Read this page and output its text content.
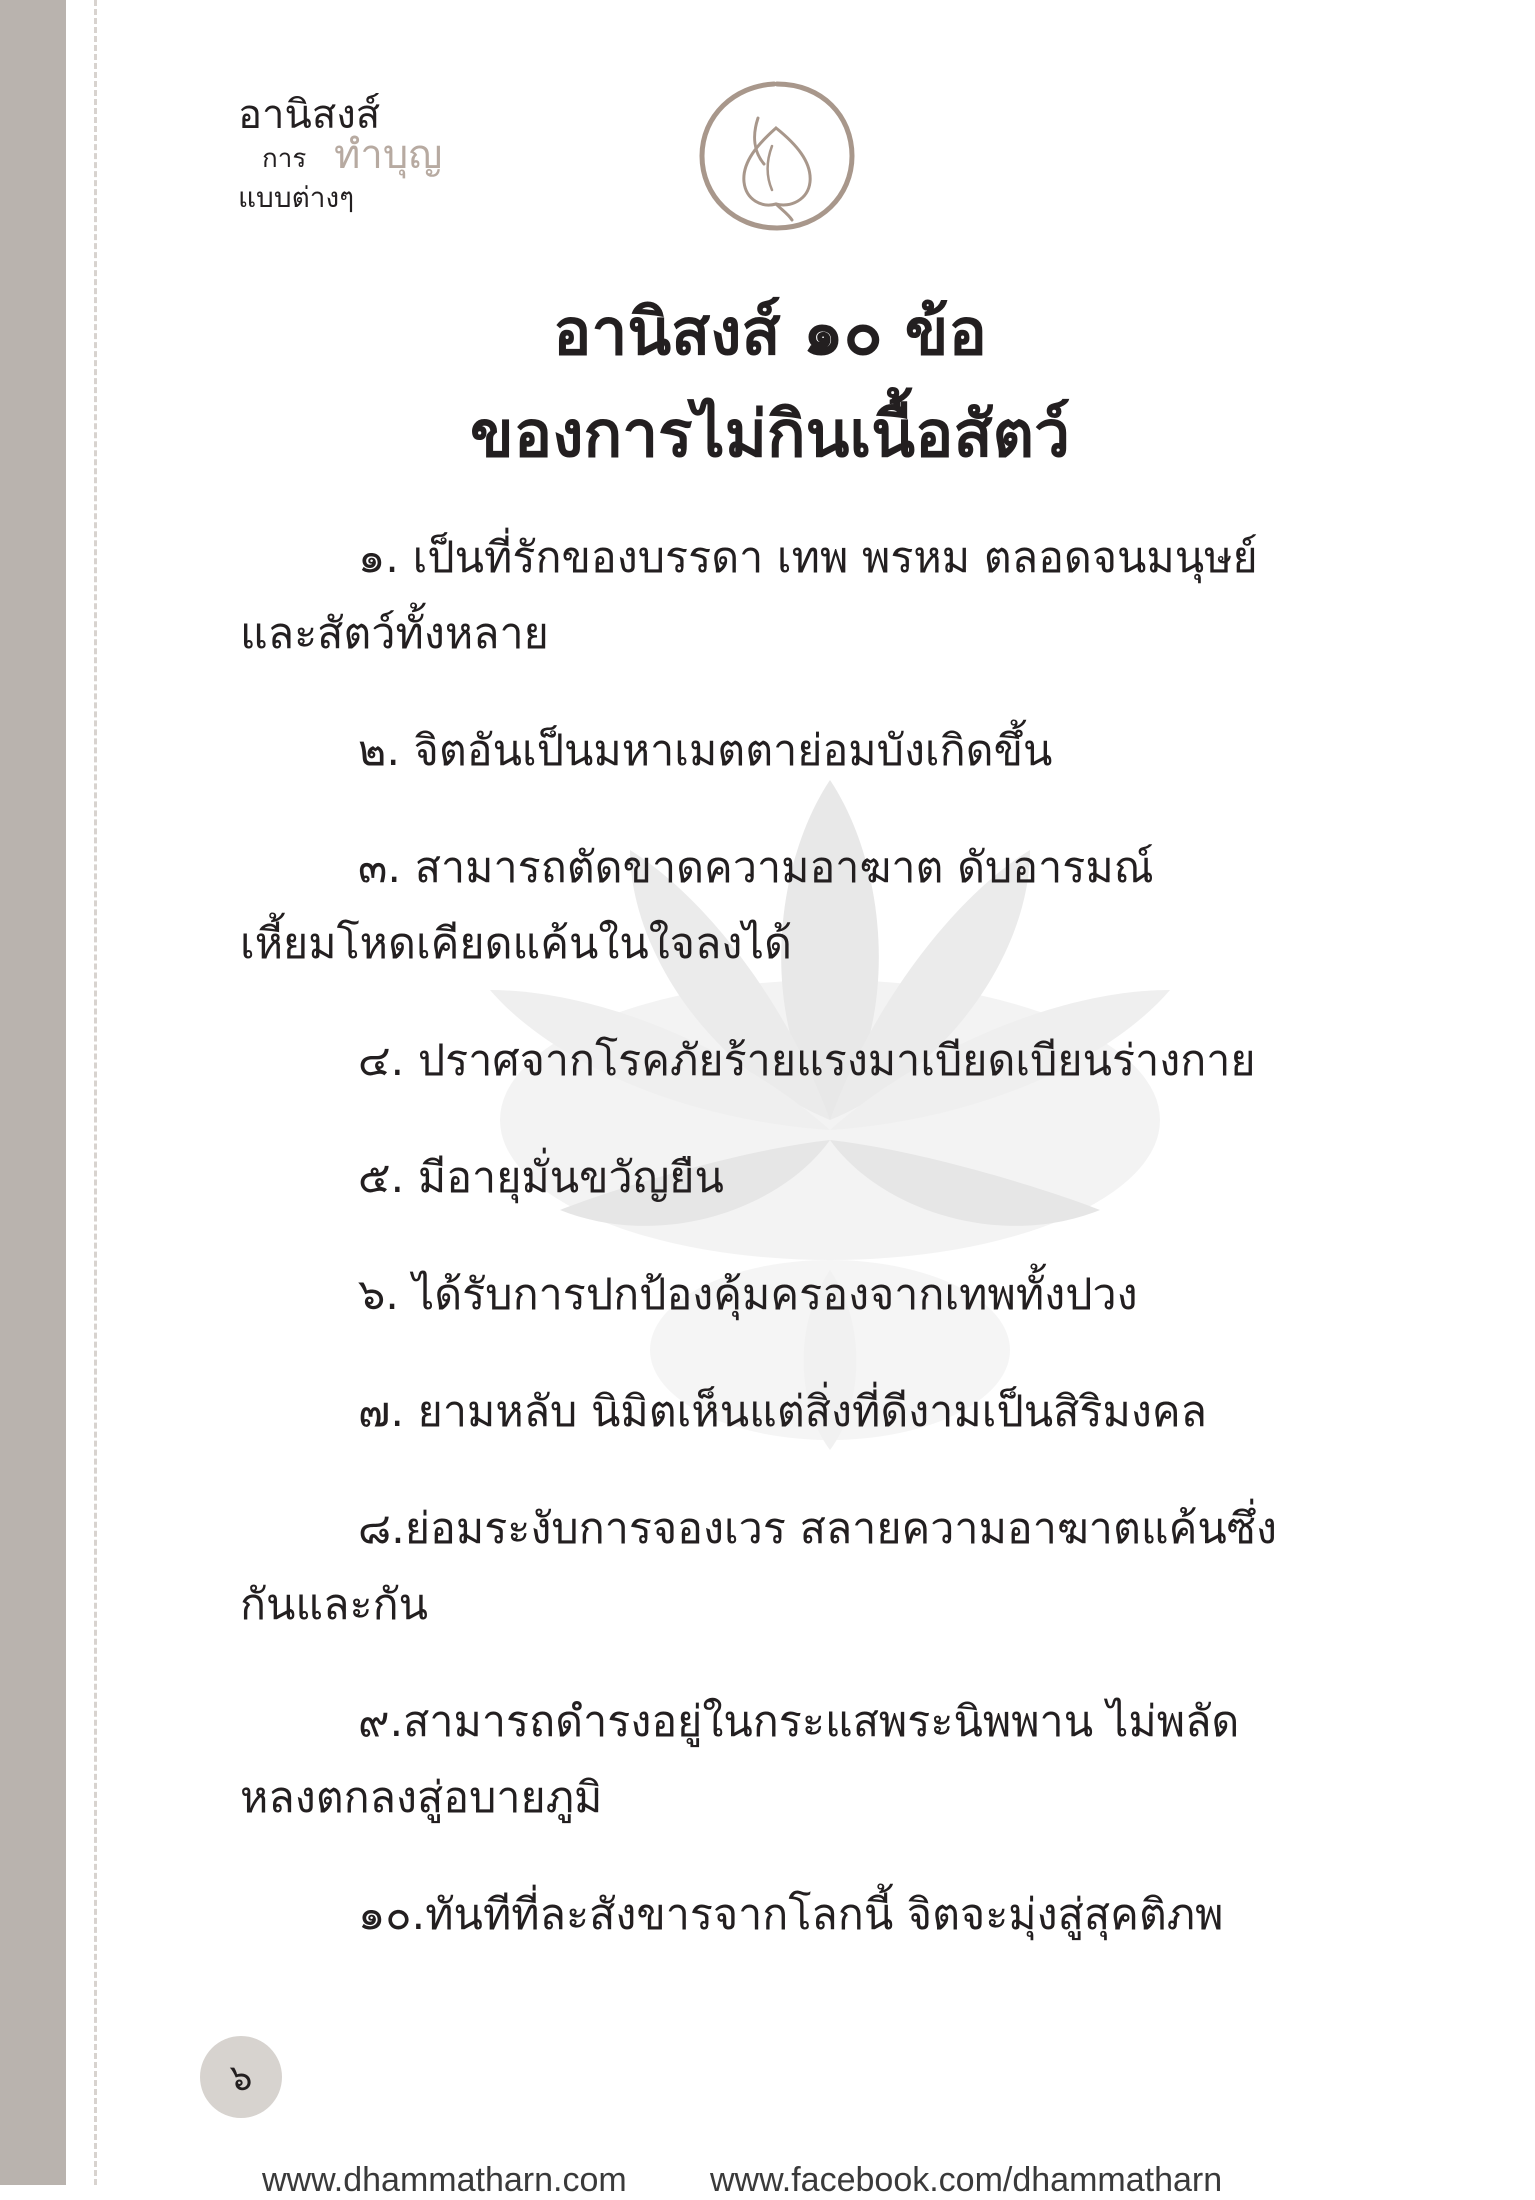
อานิสงส์
การ ทำบุญ
แบบต่างๆ
อานิสงส์ ๑๐ ข้อ
ของการไม่กินเนื้อสัตว์
๑. เป็นที่รักของบรรดา เทพ พรหม ตลอดจนมนุษย์และสัตว์ทั้งหลาย
๒. จิตอันเป็นมหาเมตตาย่อมบังเกิดขึ้น
๓. สามารถตัดขาดความอาฆาต ดับอารมณ์เหี้ยมโหดเคียดแค้นในใจลงได้
๔. ปราศจากโรคภัยร้ายแรงมาเบียดเบียนร่างกาย
๕. มีอายุมั่นขวัญยืน
๖. ได้รับการปกป้องคุ้มครองจากเทพทั้งปวง
๗. ยามหลับ นิมิตเห็นแต่สิ่งที่ดีงามเป็นสิริมงคล
๘.ย่อมระงับการจองเวร สลายความอาฆาตแค้นซึ่งกันและกัน
๙.สามารถดำรงอยู่ในกระแสพระนิพพาน ไม่พลัดหลงตกลงสู่อบายภูมิ
๑๐.ทันทีที่ละสังขารจากโลกนี้ จิตจะมุ่งสู่สุคติภพ
๖
www.dhammatharn.com www.facebook.com/dhammatharn
